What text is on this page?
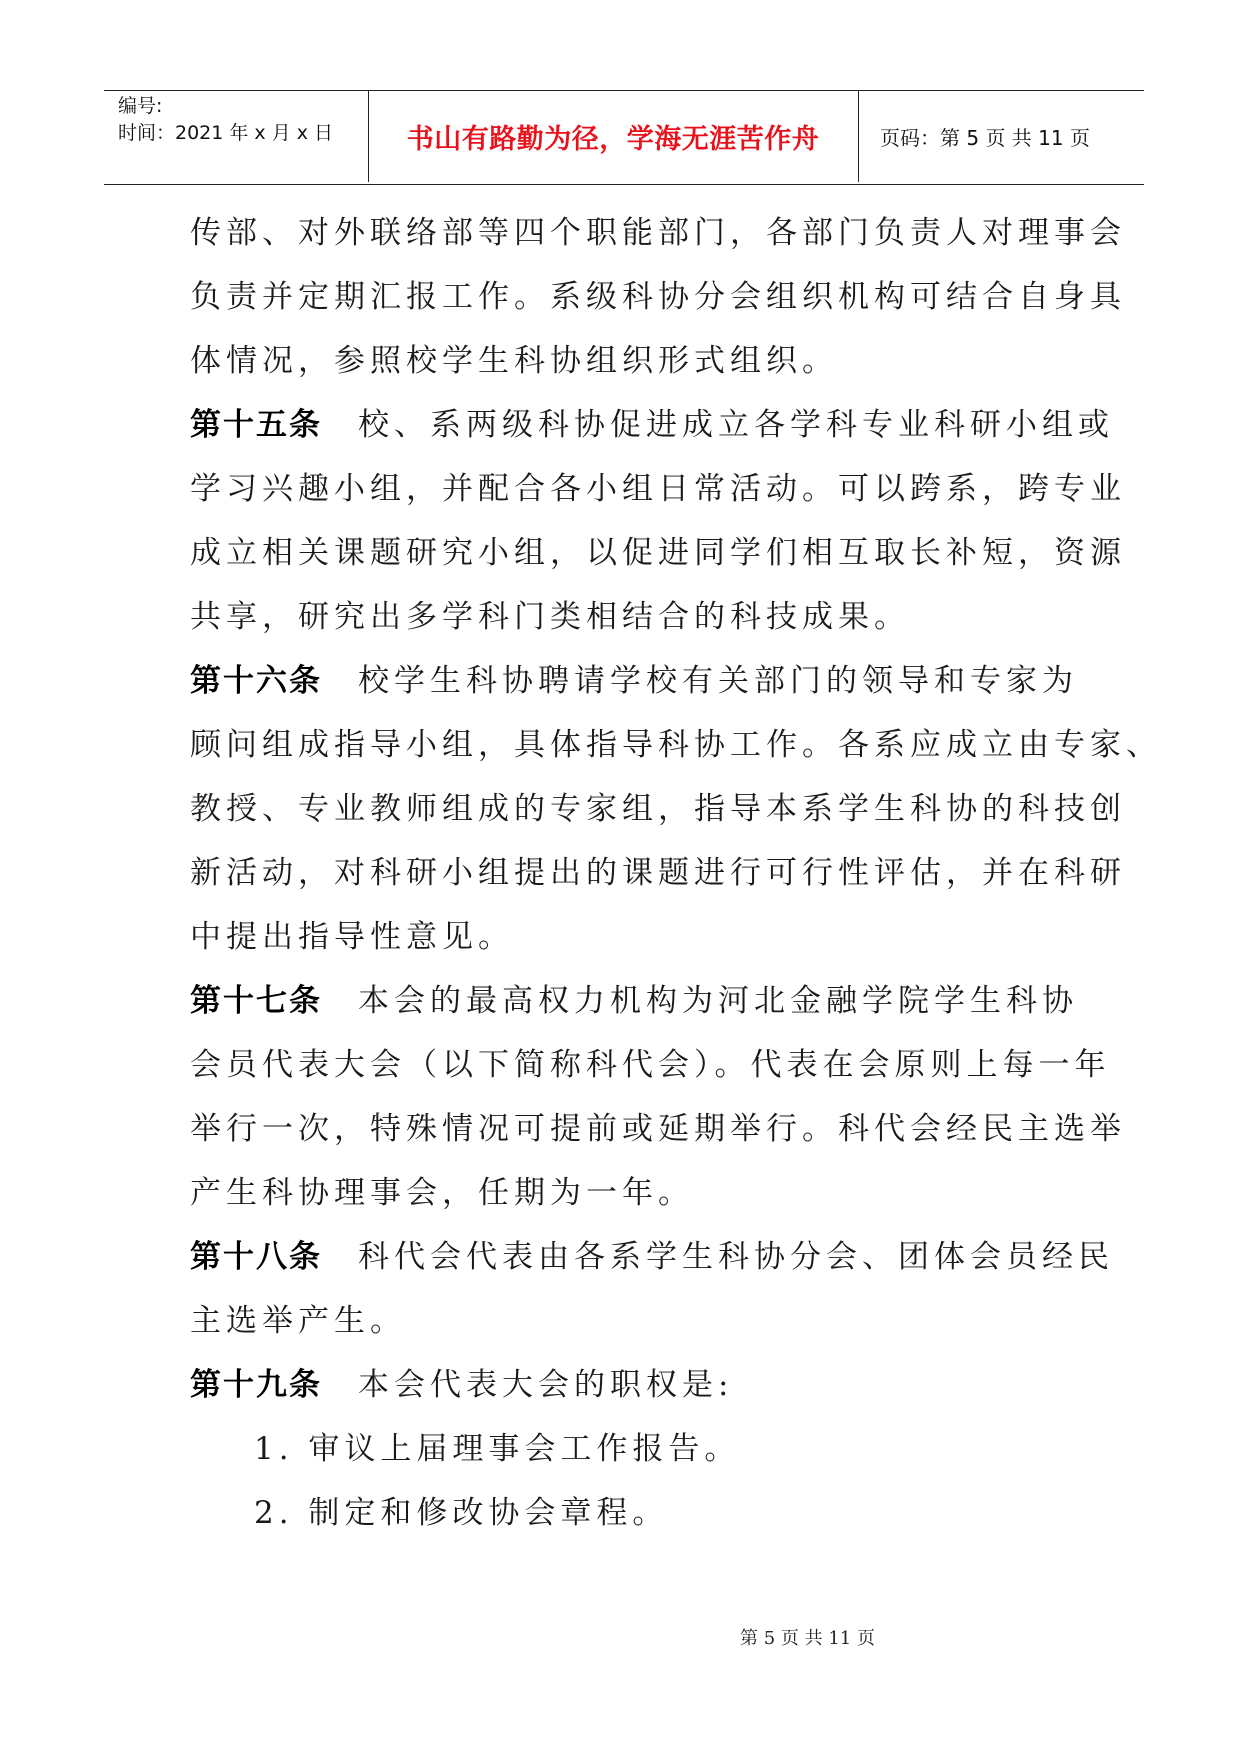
编号:
时间：2021 年 x 月 x 日	书山有路勤为径，学海无涯苦作舟	页码：第 5 页 共 11 页

传部、对外联络部等四个职能部门，各部门负责人对理事会

负责并定期汇报工作。系级科协分会组织机构可结合自身具

体情况，参照校学生科协组织形式组织。

第十五条 校、系两级科协促进成立各学科专业科研小组或

学习兴趣小组，并配合各小组日常活动。可以跨系，跨专业

成立相关课题研究小组，以促进同学们相互取长补短，资源

共享，研究出多学科门类相结合的科技成果。

第十六条 校学生科协聘请学校有关部门的领导和专家为

顾问组成指导小组，具体指导科协工作。各系应成立由专家、

教授、专业教师组成的专家组，指导本系学生科协的科技创

新活动，对科研小组提出的课题进行可行性评估，并在科研

中提出指导性意见。

第十七条 本会的最高权力机构为河北金融学院学生科协

会员代表大会（以下简称科代会）。代表在会原则上每一年

举行一次，特殊情况可提前或延期举行。科代会经民主选举

产生科协理事会，任期为一年。

第十八条 科代会代表由各系学生科协分会、团体会员经民

主选举产生。

第十九条 本会代表大会的职权是:

1. 审议上届理事会工作报告。

2. 制定和修改协会章程。

第 5 页 共 11 页
